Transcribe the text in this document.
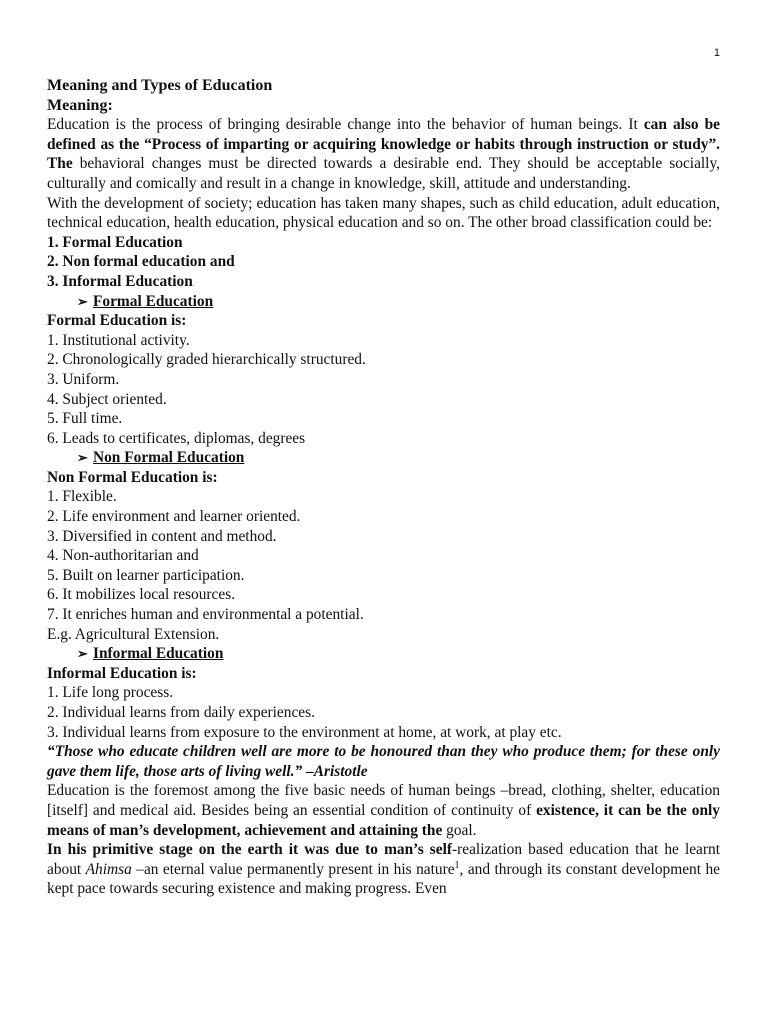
1

Meaning and Types of Education

Meaning:

Education is the process of bringing desirable change into the behavior of human beings. It can also be defined as the “Process of imparting or acquiring knowledge or habits through instruction or study”. The behavioral changes must be directed towards a desirable end. They should be acceptable socially, culturally and comically and result in a change in knowledge, skill, attitude and understanding.

With the development of society; education has taken many shapes, such as child education, adult education, technical education, health education, physical education and so on. The other broad classification could be:

1. Formal Education
2. Non formal education and
3. Informal Education
➢ Formal Education
Formal Education is:
1. Institutional activity.
2. Chronologically graded hierarchically structured.
3. Uniform.
4. Subject oriented.
5. Full time.
6. Leads to certificates, diplomas, degrees
➢ Non Formal Education
Non Formal Education is:
1. Flexible.
2. Life environment and learner oriented.
3. Diversified in content and method.
4. Non-authoritarian and
5. Built on learner participation.
6. It mobilizes local resources.
7. It enriches human and environmental a potential.
E.g. Agricultural Extension.
➢ Informal Education
Informal Education is:
1. Life long process.
2. Individual learns from daily experiences.
3. Individual learns from exposure to the environment at home, at work, at play etc.

“Those who educate children well are more to be honoured than they who produce them; for these only gave them life, those arts of living well.” –Aristotle

Education is the foremost among the five basic needs of human beings –bread, clothing, shelter, education [itself] and medical aid. Besides being an essential condition of continuity of existence, it can be the only means of man’s development, achievement and attaining the goal.

In his primitive stage on the earth it was due to man’s self-realization based education that he learnt about Ahimsa –an eternal value permanently present in his nature$^1$, and through its constant development he kept pace towards securing existence and making progress. Even
